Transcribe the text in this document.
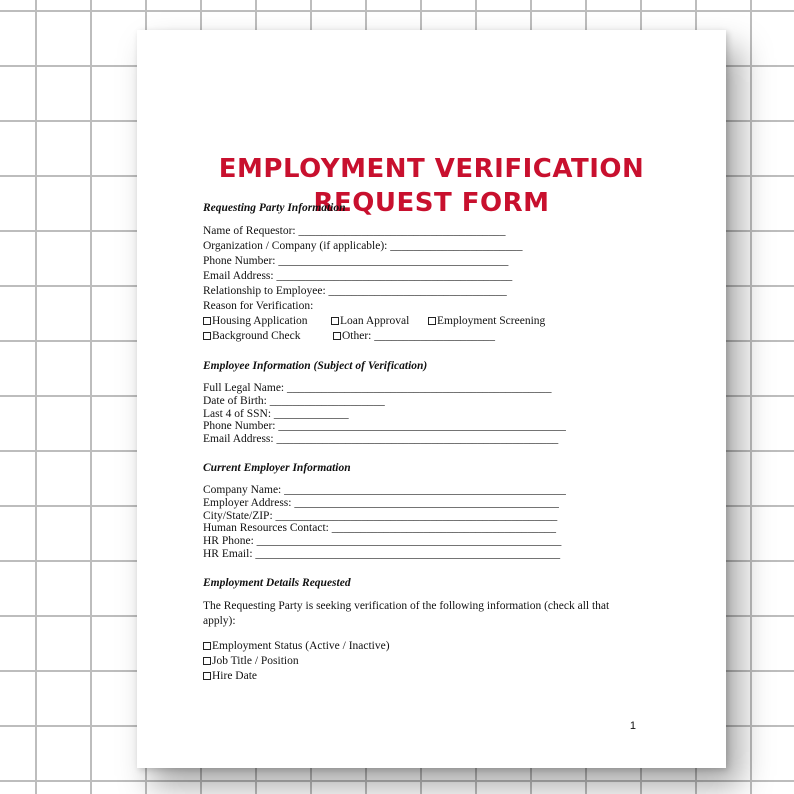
EMPLOYMENT VERIFICATION
REQUEST FORM

Requesting Party Information

Name of Requestor: ____________________________________

Organization / Company (if applicable): _______________________

Phone Number: ________________________________________

Email Address: _________________________________________

Relationship to Employee: _______________________________

Reason for Verification:

Housing Application	Loan Approval Employment Screening

Background Check	Other: _____________________

Employee Information (Subject of Verification)

Full Legal Name: ______________________________________________

Date of Birth: ____________________

Last 4 of SSN: _____________

Phone Number: __________________________________________________

Email Address: _________________________________________________

Current Employer Information

Company Name: _________________________________________________

Employer Address: ______________________________________________

City/State/ZIP: _________________________________________________

Human Resources Contact: _______________________________________

HR Phone: _____________________________________________________

HR Email: _____________________________________________________

Employment Details Requested

The Requesting Party is seeking verification of the following information (check all that apply):

Employment Status (Active / Inactive)

Job Title / Position

Hire Date

1
